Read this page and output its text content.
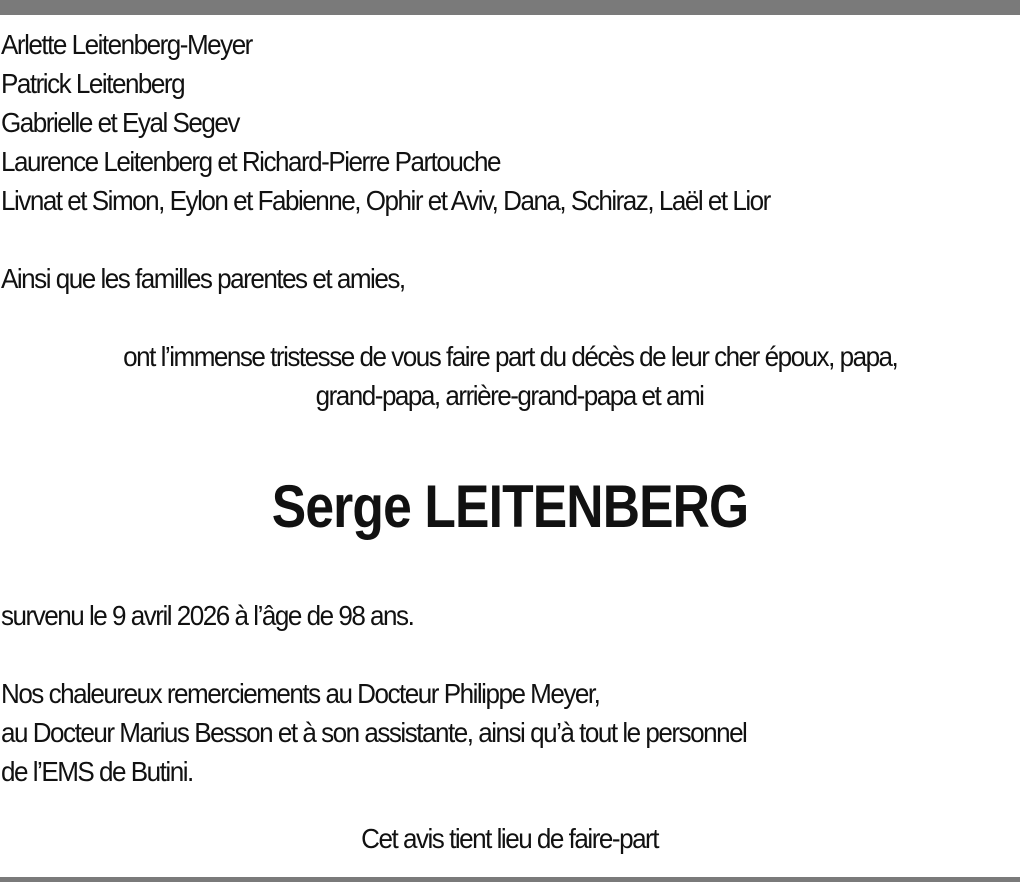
Arlette Leitenberg-Meyer
Patrick Leitenberg
Gabrielle et Eyal Segev
Laurence Leitenberg et Richard-Pierre Partouche
Livnat et Simon, Eylon et Fabienne, Ophir et Aviv, Dana, Schiraz, Laël et Lior
Ainsi que les familles parentes et amies,
ont l’immense tristesse de vous faire part du décès de leur cher époux, papa,
grand-papa, arrière-grand-papa et ami
Serge LEITENBERG
survenu le 9 avril 2026 à l’âge de 98 ans.
Nos chaleureux remerciements au Docteur Philippe Meyer,
au Docteur Marius Besson et à son assistante, ainsi qu’à tout le personnel
de l’EMS de Butini.
Cet avis tient lieu de faire-part
